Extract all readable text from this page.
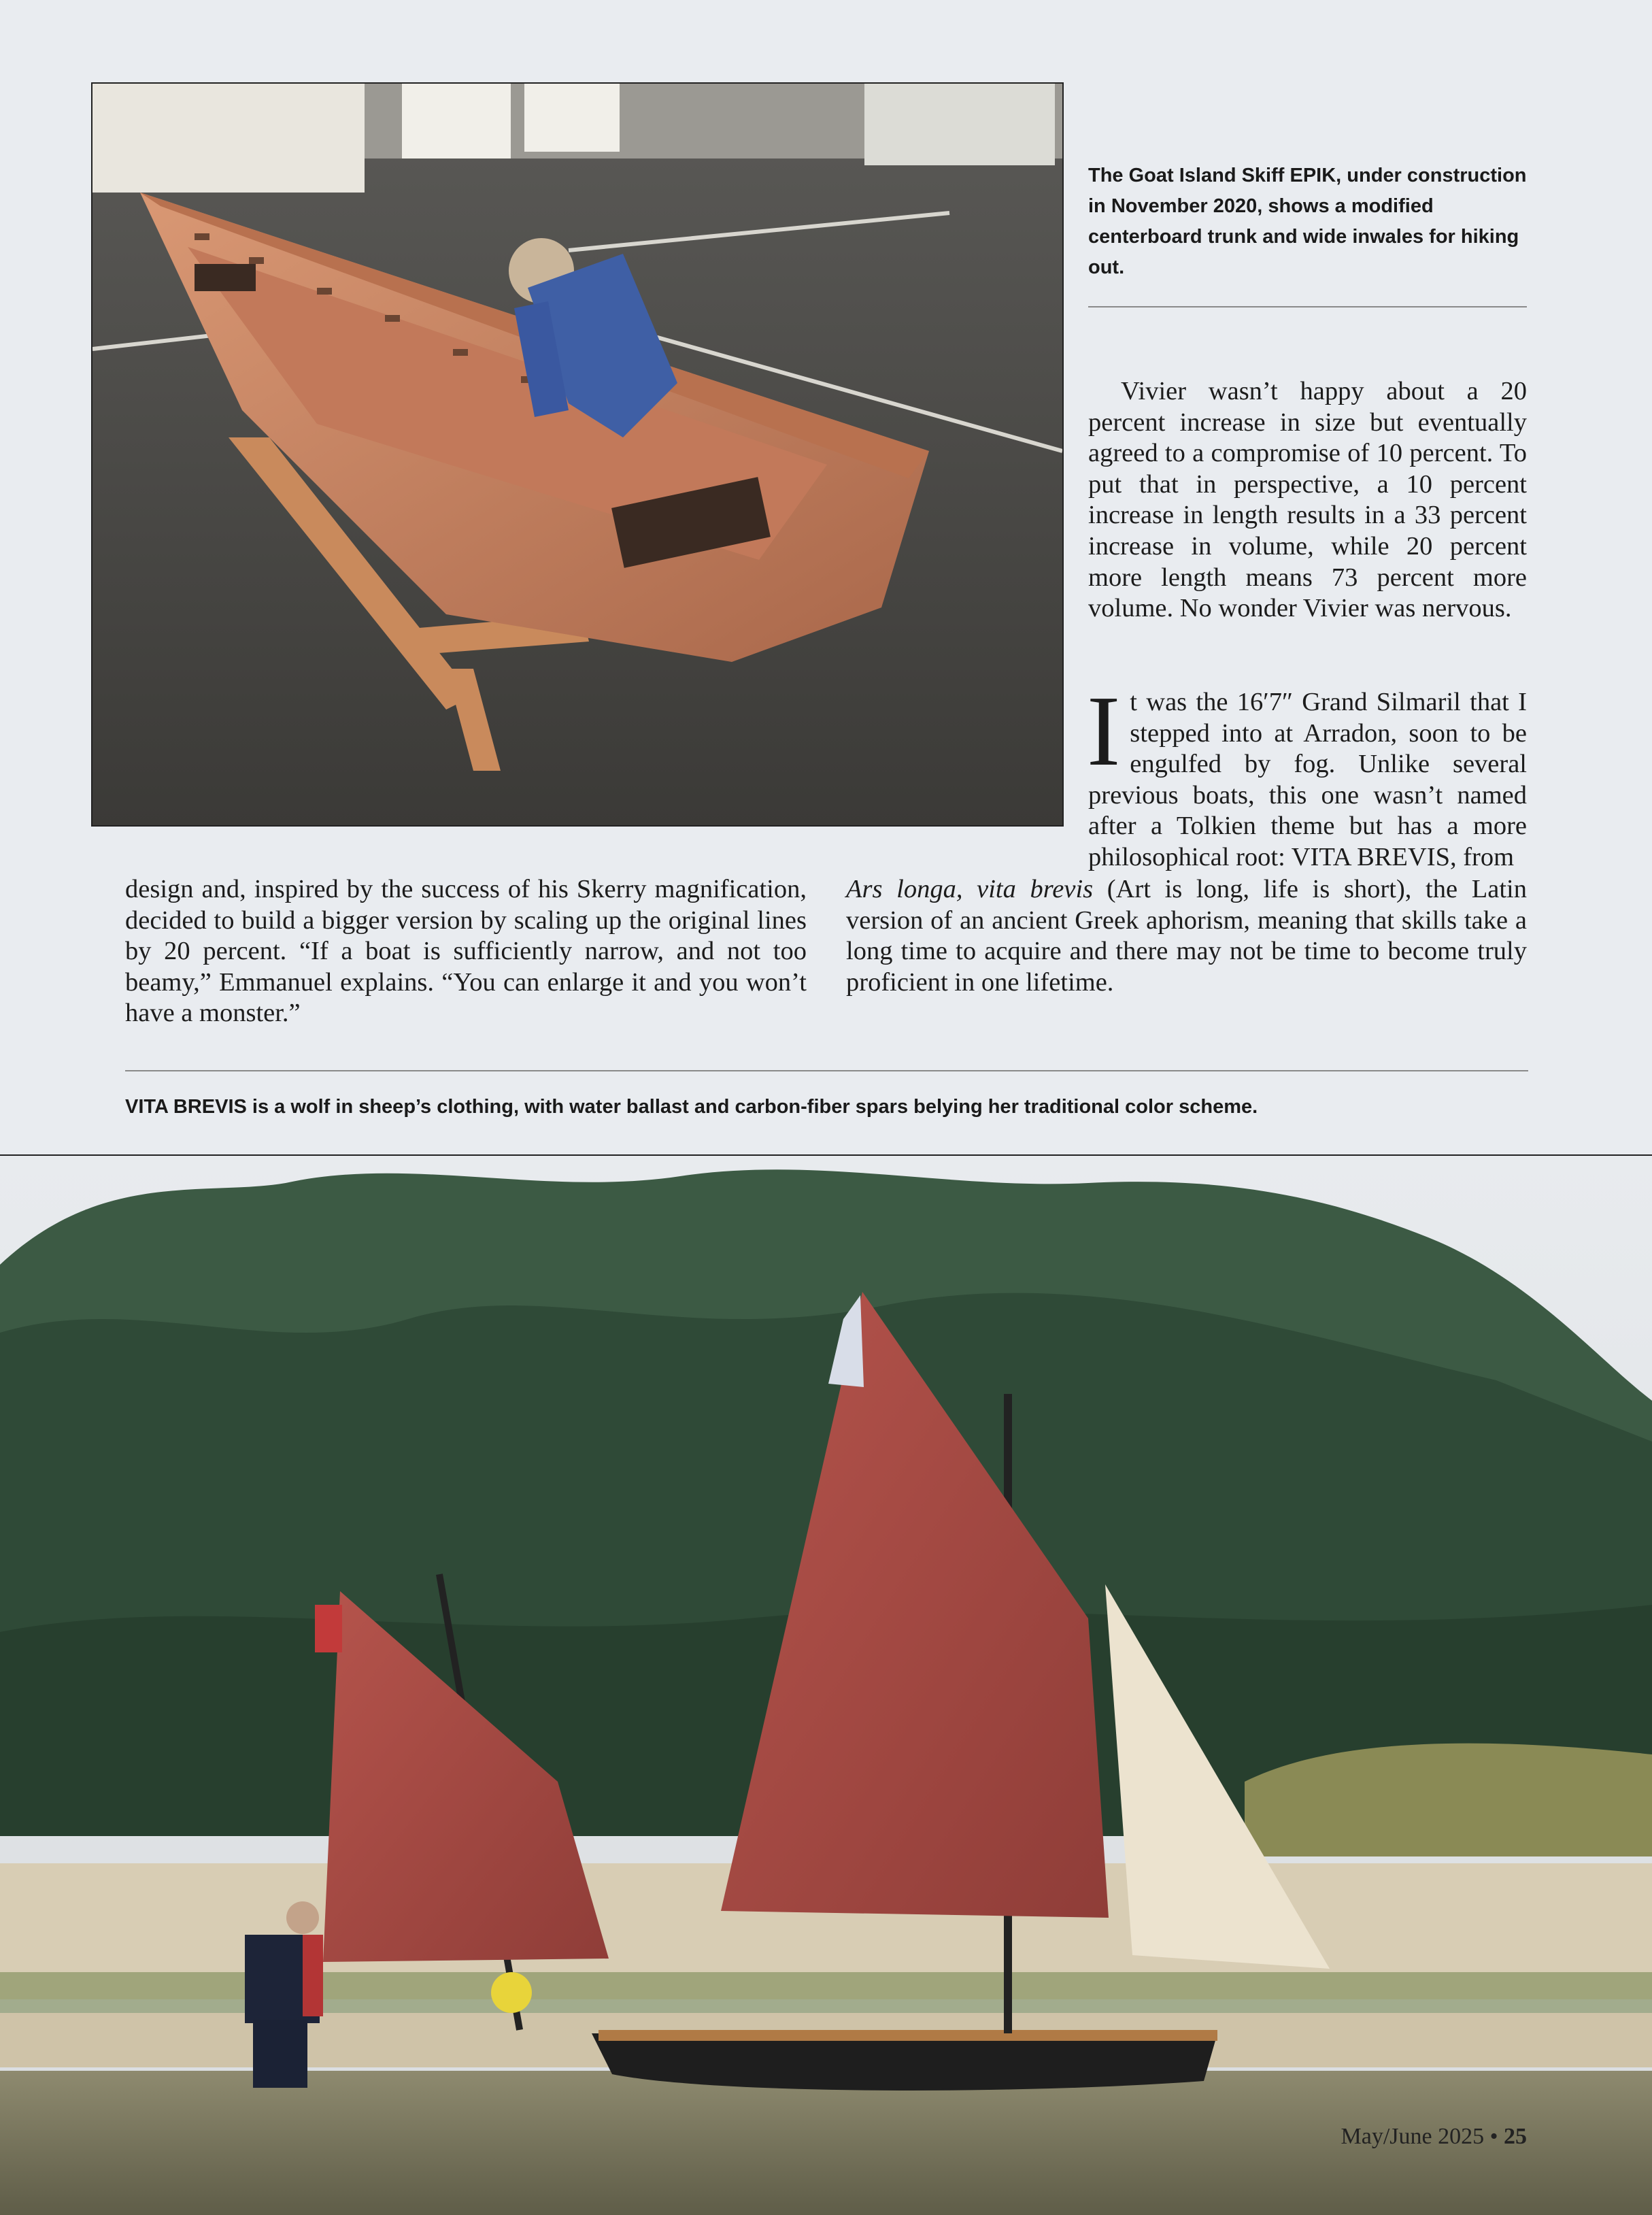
The Goat Island Skiff EPIK, under construction in November 2020, shows a modified centerboard trunk and wide inwales for hiking out.

Vivier wasn’t happy about a 20 percent increase in size but eventually agreed to a compromise of 10 percent. To put that in perspective, a 10 percent increase in length results in a 33 percent increase in volume, while 20 percent more length means 73 percent more volume. No wonder Vivier was nervous.

It was the 16′7″ Grand Silmaril that I stepped into at Arradon, soon to be engulfed by fog. Unlike several previous boats, this one wasn’t named after a Tolkien theme but has a more philosophical root: VITA BREVIS, from

design and, inspired by the success of his Skerry magnification, decided to build a bigger version by scaling up the original lines by 20 percent. “If a boat is sufficiently narrow, and not too beamy,” Emmanuel explains. “You can enlarge it and you won’t have a monster.”

Ars longa, vita brevis (Art is long, life is short), the Latin version of an ancient Greek aphorism, meaning that skills take a long time to acquire and there may not be time to become truly proficient in one lifetime.

VITA BREVIS is a wolf in sheep’s clothing, with water ballast and carbon-fiber spars belying her traditional color scheme.
May/June 2025 • 25
